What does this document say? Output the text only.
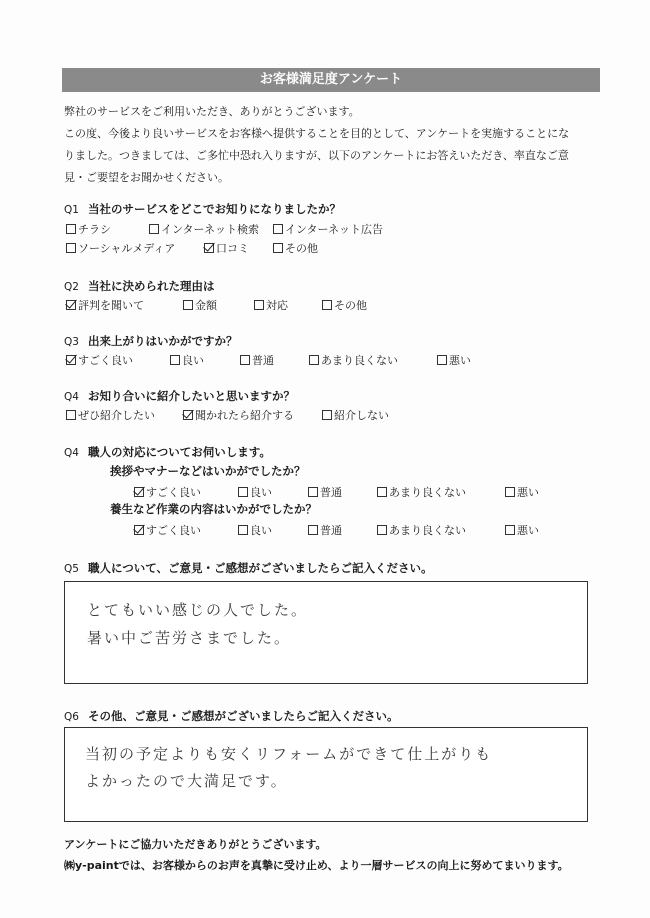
お客様満足度アンケート

弊社のサービスをご利用いただき、ありがとうございます。

この度、今後より良いサービスをお客様へ提供することを目的として、アンケートを実施することにな

りました。つきましては、ご多忙中恐れ入りますが、以下のアンケートにお答えいただき、率直なご意

見・ご要望をお聞かせください。

Q1 当社のサービスをどこでお知りになりましたか？
チラシ	インターネット検索 インターネット広告
ソーシャルメディア	口コミ	その他
Q2 当社に決められた理由は
評判を聞いて	金額	対応	その他
Q3 出来上がりはいかがですか？
すごく良い	良い	普通	あまり良くない	悪い
Q4 お知り合いに紹介したいと思いますか？
ぜひ紹介したい	聞かれたら紹介する	紹介しない
Q4 職人の対応についてお伺いします。
挨拶やマナーなどはいかがでしたか？
すごく良い	良い	普通	あまり良くない	悪い
養生など作業の内容はいかがでしたか？
すごく良い	良い	普通	あまり良くない	悪い
Q5 職人について、ご意見・ご感想がございましたらご記入ください。
とてもいい感じの人でした。
暑い中ご苦労さまでした。
Q6 その他、ご意見・ご感想がございましたらご記入ください。
当初の予定よりも安くリフォームができて仕上がりも
よかったので大満足です。
アンケートにご協力いただきありがとうございます。
㈱y-paintでは、お客様からのお声を真摯に受け止め、より一層サービスの向上に努めてまいります。
